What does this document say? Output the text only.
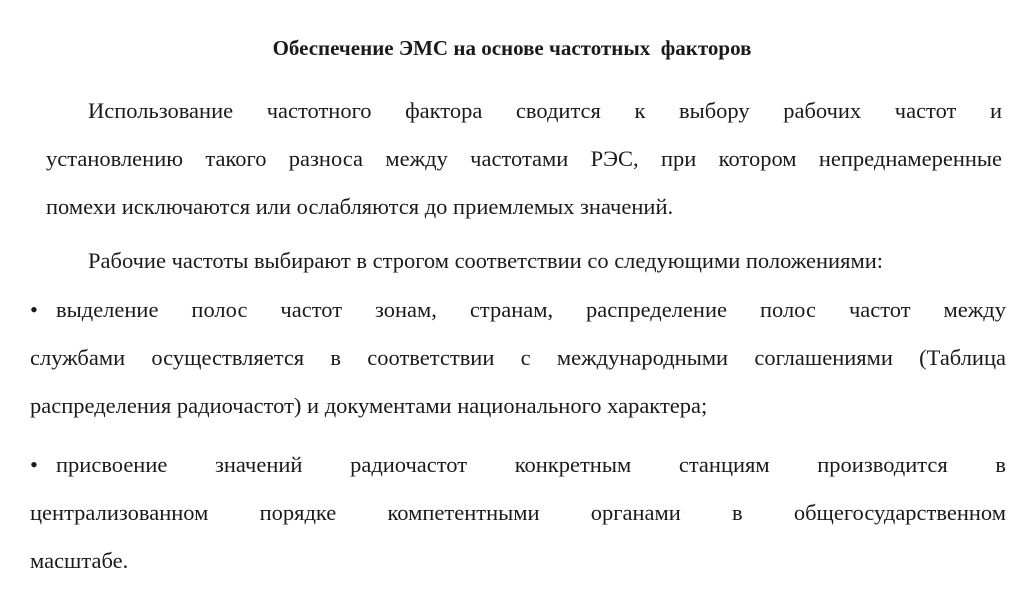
Обеспечение ЭМС на основе частотных  факторов
Использование частотного фактора сводится к выбору рабочих частот и
установлению такого разноса между частотами РЭС, при котором непреднамеренные
помехи исключаются или ослабляются до приемлемых значений.
Рабочие частоты выбирают в строгом соответствии со следующими положениями:
• выделение полос частот зонам, странам, распределение полос частот между
службами осуществляется в соответствии с международными соглашениями (Таблица
распределения радиочастот) и документами национального характера;
• присвоение значений радиочастот конкретным станциям производится в
централизованном порядке компетентными органами в общегосударственном
масштабе.
